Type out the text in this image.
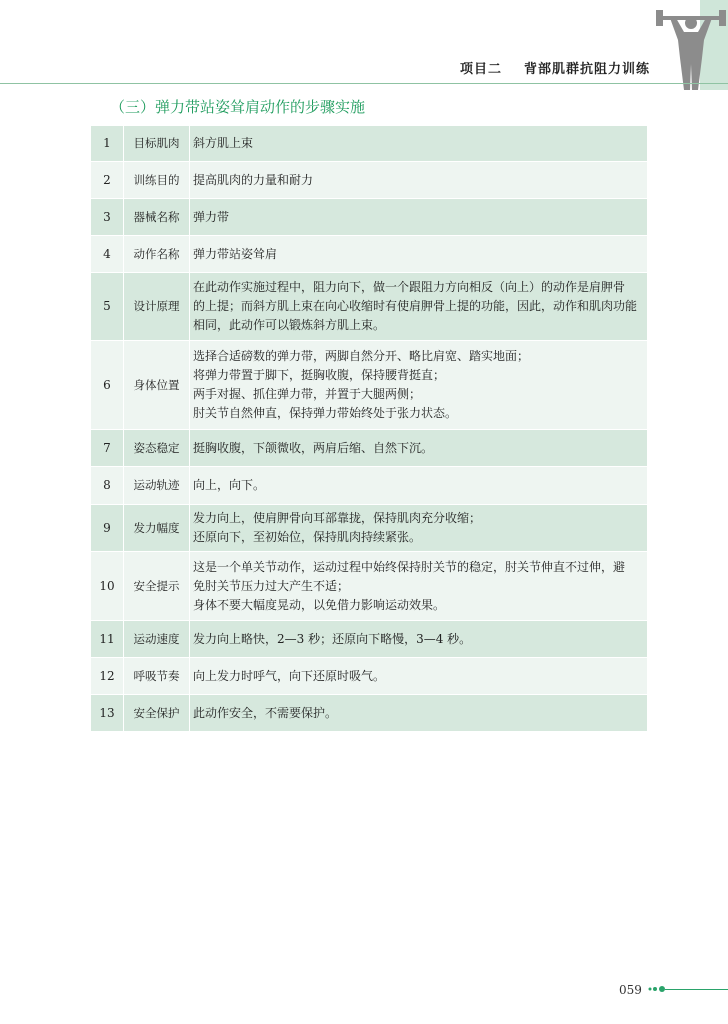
项目二 背部肌群抗阻力训练
（三）弹力带站姿耸肩动作的步骤实施
1	目标肌肉	斜方肌上束

2	训练目的	提高肌肉的力量和耐力

3	器械名称	弹力带

4	动作名称	弹力带站姿耸肩

5	设计原理	在此动作实施过程中，阻力向下，做一个跟阻力方向相反（向上）的动作是肩胛骨
的上提；而斜方肌上束在向心收缩时有使肩胛骨上提的功能，因此，动作和肌肉功能
相同，此动作可以锻炼斜方肌上束。

6	身体位置	选择合适磅数的弹力带，两脚自然分开、略比肩宽、踏实地面；
将弹力带置于脚下，挺胸收腹，保持腰背挺直；
两手对握、抓住弹力带，并置于大腿两侧；
肘关节自然伸直，保持弹力带始终处于张力状态。

7	姿态稳定	挺胸收腹，下颌微收，两肩后缩、自然下沉。

8	运动轨迹	向上，向下。

9	发力幅度	发力向上，使肩胛骨向耳部靠拢，保持肌肉充分收缩；
还原向下，至初始位，保持肌肉持续紧张。

10	安全提示	这是一个单关节动作，运动过程中始终保持肘关节的稳定，肘关节伸直不过伸，避
免肘关节压力过大产生不适；
身体不要大幅度晃动，以免借力影响运动效果。

11	运动速度	发力向上略快，2—3 秒；还原向下略慢，3—4 秒。

12	呼吸节奏	向上发力时呼气，向下还原时吸气。

13	安全保护	此动作安全，不需要保护。
059
